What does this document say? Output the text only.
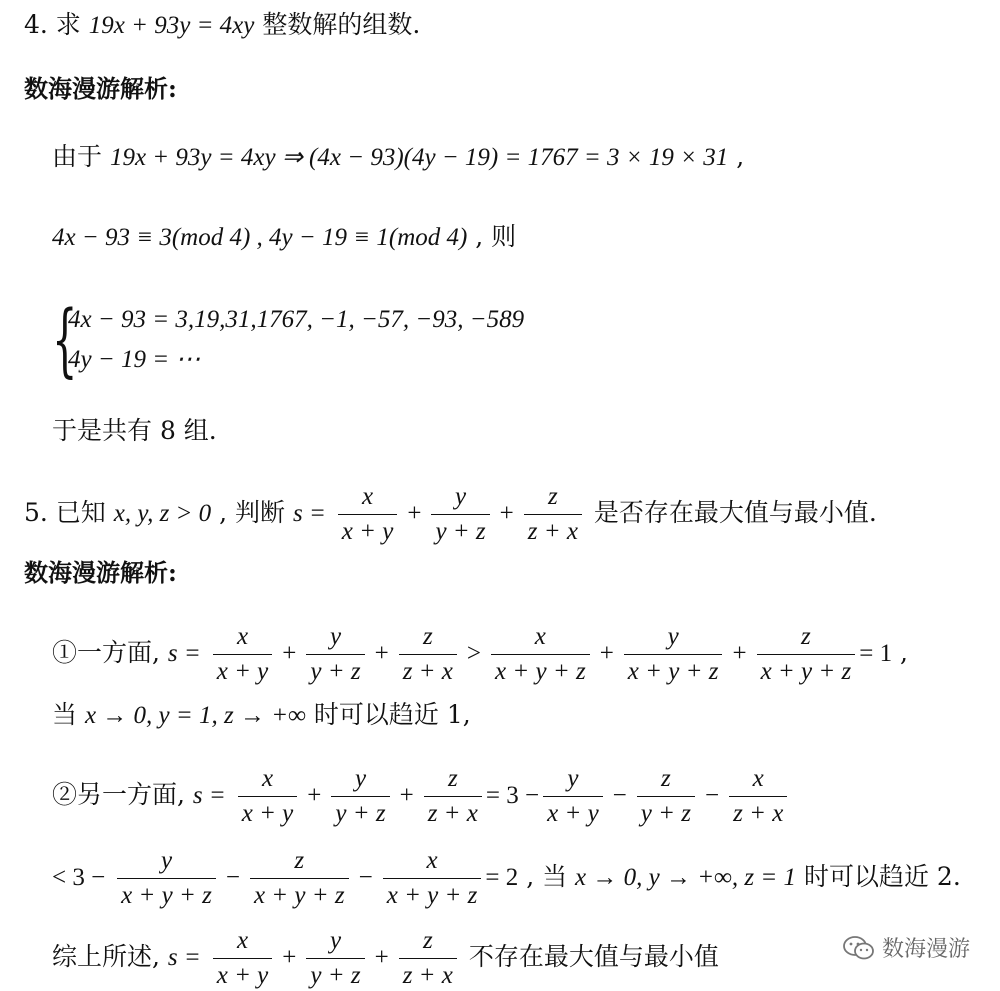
4. 求 19x + 93y = 4xy 整数解的组数.
数海漫游解析:
由于 19x + 93y = 4xy ⇒ (4x − 93)(4y − 19) = 1767 = 3 × 19 × 31 ,
4x − 93 ≡ 3(mod 4) , 4y − 19 ≡ 1(mod 4) , 则
{
4x − 93 = 3,19,31,1767, −1, −57, −93, −589
4y − 19 = ⋯
于是共有 8 组.
5. 已知 x, y, z > 0 , 判断 $s = \frac{x}{x + y} + \frac{y}{y + z} + \frac{z}{z + x}$ 是否存在最大值与最小值.
数海漫游解析:
①一方面, $s = \frac{x}{x + y} + \frac{y}{y + z} + \frac{z}{z + x} > \frac{x}{x + y + z} + \frac{y}{x + y + z} + \frac{z}{x + y + z} = 1$ ,
当 x → 0, y = 1, z → +∞ 时可以趋近 1,
②另一方面, $s = \frac{x}{x + y} + \frac{y}{y + z} + \frac{z}{z + x} = 3 - \frac{y}{x + y} - \frac{z}{y + z} - \frac{x}{z + x}$
< $3 - \frac{y}{x + y + z} - \frac{z}{x + y + z} - \frac{x}{x + y + z} = 2$ , 当 x → 0, y → +∞, z = 1 时可以趋近 2.
综上所述, $s = \frac{x}{x + y} + \frac{y}{y + z} + \frac{z}{z + x}$ 不存在最大值与最小值	数海漫游
